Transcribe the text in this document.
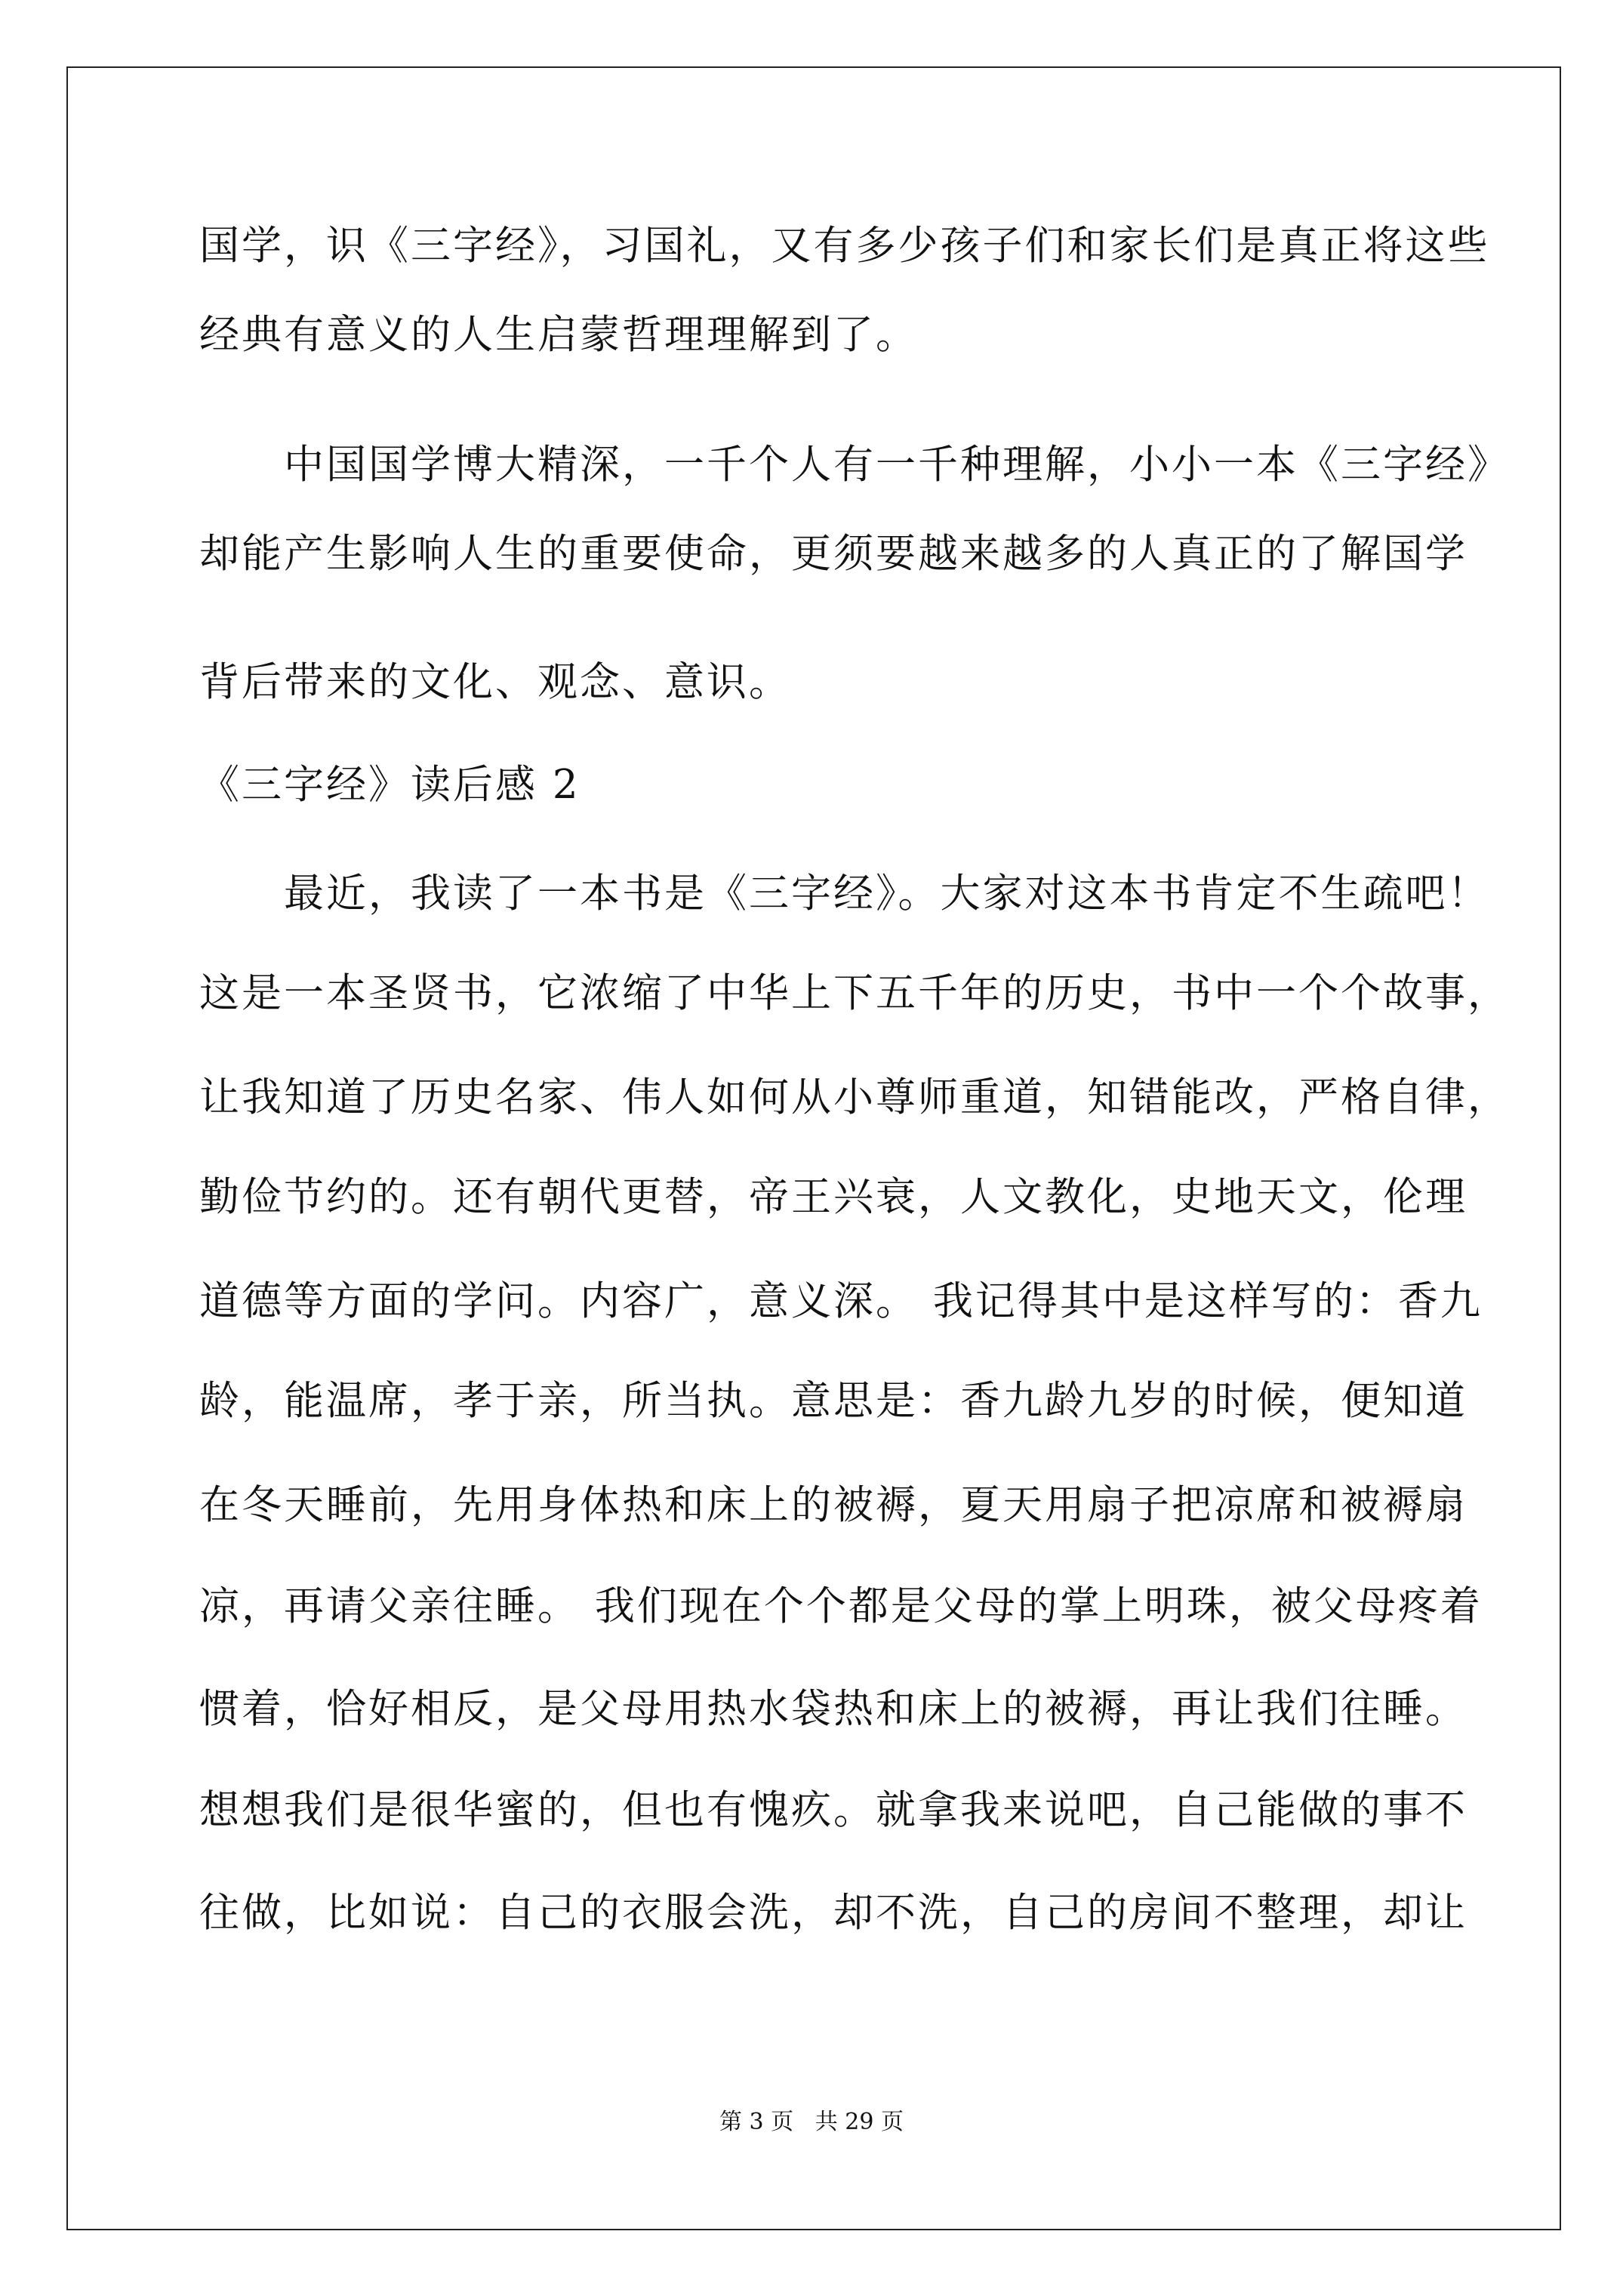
国学，识《三字经》，习国礼，又有多少孩子们和家长们是真正将这些
经典有意义的人生启蒙哲理理解到了。
中国国学博大精深，一千个人有一千种理解，小小一本《三字经》
却能产生影响人生的重要使命，更须要越来越多的人真正的了解国学
背后带来的文化、观念、意识。
《三字经》读后感 2
最近，我读了一本书是《三字经》。大家对这本书肯定不生疏吧！
这是一本圣贤书，它浓缩了中华上下五千年的历史，书中一个个故事，
让我知道了历史名家、伟人如何从小尊师重道，知错能改，严格自律，
勤俭节约的。还有朝代更替，帝王兴衰，人文教化，史地天文，伦理
道德等方面的学问。内容广，意义深。 我记得其中是这样写的：香九
龄，能温席，孝于亲，所当执。意思是：香九龄九岁的时候，便知道
在冬天睡前，先用身体热和床上的被褥，夏天用扇子把凉席和被褥扇
凉，再请父亲往睡。 我们现在个个都是父母的掌上明珠，被父母疼着
惯着，恰好相反，是父母用热水袋热和床上的被褥，再让我们往睡。
想想我们是很华蜜的，但也有愧疚。就拿我来说吧，自己能做的事不
往做，比如说：自己的衣服会洗，却不洗，自己的房间不整理，却让
第 3 页   共 29 页
